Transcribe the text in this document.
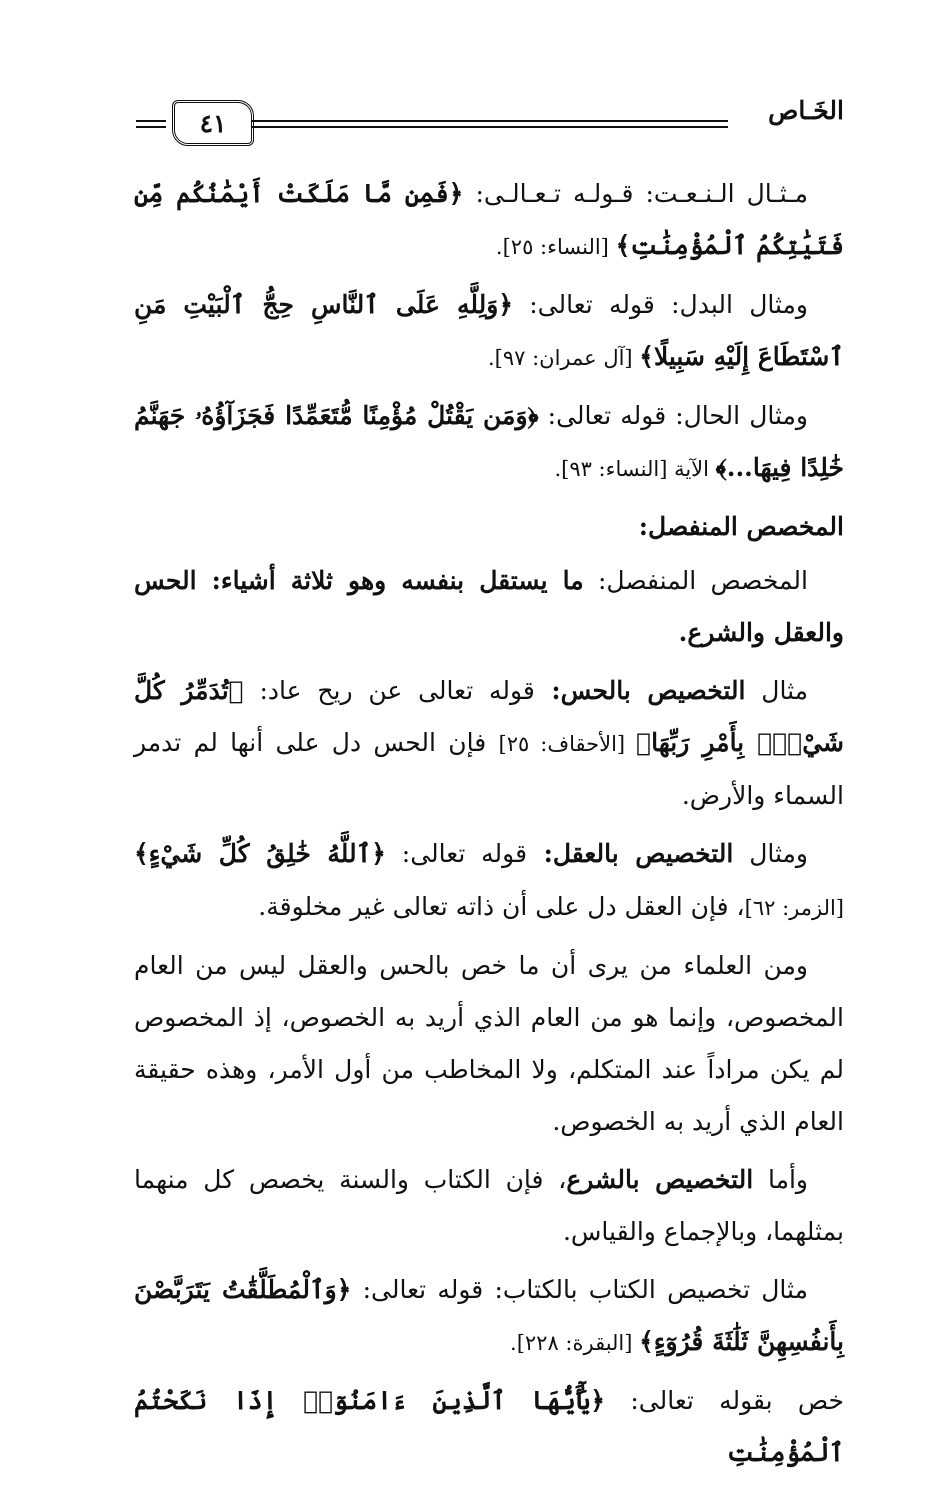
٤١	الخَـاص

مـثـال الـنـعـت: قـولـه تـعـالـى: ﴿فَمِن مَّا مَلَكَتْ أَيْمَٰنُكُم مِّن فَتَيَٰتِكُمُ ٱلْمُؤْمِنَٰتِ﴾ [النساء: ٢٥].

ومثال البدل: قوله تعالى: ﴿وَلِلَّهِ عَلَى ٱلنَّاسِ حِجُّ ٱلْبَيْتِ مَنِ ٱسْتَطَاعَ إِلَيْهِ سَبِيلًا﴾ [آل عمران: ٩٧].

ومثال الحال: قوله تعالى: ﴿وَمَن يَقْتُلْ مُؤْمِنًا مُّتَعَمِّدًا فَجَزَآؤُهُۥ جَهَنَّمُ خَٰلِدًا فِيهَا...﴾ الآية [النساء: ٩٣].

المخصص المنفصل:

المخصص المنفصل: ما يستقل بنفسه وهو ثلاثة أشياء: الحس والعقل والشرع.

مثال التخصيص بالحس: قوله تعالى عن ريح عاد: ﴿تُدَمِّرُ كُلَّ شَيْءٍۭ بِأَمْرِ رَبِّهَا﴾ [الأحقاف: ٢٥] فإن الحس دل على أنها لم تدمر السماء والأرض.

ومثال التخصيص بالعقل: قوله تعالى: ﴿ٱللَّهُ خَٰلِقُ كُلِّ شَيْءٍ﴾ [الزمر: ٦٢]، فإن العقل دل على أن ذاته تعالى غير مخلوقة.

ومن العلماء من يرى أن ما خص بالحس والعقل ليس من العام المخصوص، وإنما هو من العام الذي أريد به الخصوص، إذ المخصوص لم يكن مراداً عند المتكلم، ولا المخاطب من أول الأمر، وهذه حقيقة العام الذي أريد به الخصوص.

وأما التخصيص بالشرع، فإن الكتاب والسنة يخصص كل منهما بمثلهما، وبالإجماع والقياس.

مثال تخصيص الكتاب بالكتاب: قوله تعالى: ﴿وَٱلْمُطَلَّقَٰتُ يَتَرَبَّصْنَ بِأَنفُسِهِنَّ ثَلَٰثَةَ قُرُوٓءٍ﴾ [البقرة: ٢٢٨].

خص بقوله تعالى: ﴿يَٰٓأَيُّهَا ٱلَّذِينَ ءَامَنُوٓا۟ إِذَا نَكَحْتُمُ ٱلْمُؤْمِنَٰتِ
